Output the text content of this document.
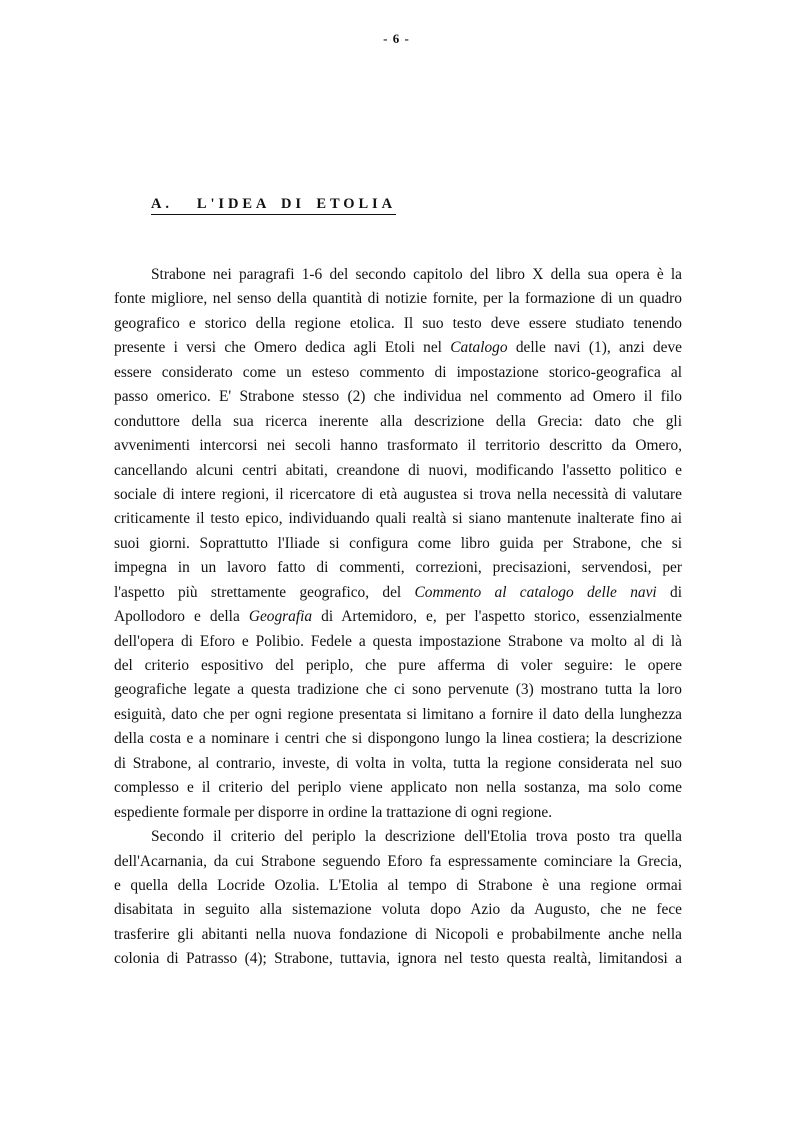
- 6 -
A. L'IDEA DI ETOLIA

Strabone nei paragrafi 1-6 del secondo capitolo del libro X della sua opera è la
fonte migliore, nel senso della quantità di notizie fornite, per la formazione di un quadro
geografico e storico della regione etolica. Il suo testo deve essere studiato tenendo
presente i versi che Omero dedica agli Etoli nel Catalogo delle navi (1), anzi deve
essere considerato come un esteso commento di impostazione storico-geografica al
passo omerico. E' Strabone stesso (2) che individua nel commento ad Omero il filo
conduttore della sua ricerca inerente alla descrizione della Grecia: dato che gli
avvenimenti intercorsi nei secoli hanno trasformato il territorio descritto da Omero,
cancellando alcuni centri abitati, creandone di nuovi, modificando l'assetto politico e
sociale di intere regioni, il ricercatore di età augustea si trova nella necessità di valutare
criticamente il testo epico, individuando quali realtà si siano mantenute inalterate fino ai
suoi giorni. Soprattutto l'Iliade si configura come libro guida per Strabone, che si
impegna in un lavoro fatto di commenti, correzioni, precisazioni, servendosi, per
l'aspetto più strettamente geografico, del Commento al catalogo delle navi di
Apollodoro e della Geografia di Artemidoro, e, per l'aspetto storico, essenzialmente
dell'opera di Eforo e Polibio. Fedele a questa impostazione Strabone va molto al di là
del criterio espositivo del periplo, che pure afferma di voler seguire: le opere
geografiche legate a questa tradizione che ci sono pervenute (3) mostrano tutta la loro
esiguità, dato che per ogni regione presentata si limitano a fornire il dato della lunghezza
della costa e a nominare i centri che si dispongono lungo la linea costiera; la descrizione
di Strabone, al contrario, investe, di volta in volta, tutta la regione considerata nel suo
complesso e il criterio del periplo viene applicato non nella sostanza, ma solo come
espediente formale per disporre in ordine la trattazione di ogni regione.

Secondo il criterio del periplo la descrizione dell'Etolia trova posto tra quella
dell'Acarnania, da cui Strabone seguendo Eforo fa espressamente cominciare la Grecia,
e quella della Locride Ozolia. L'Etolia al tempo di Strabone è una regione ormai
disabitata in seguito alla sistemazione voluta dopo Azio da Augusto, che ne fece
trasferire gli abitanti nella nuova fondazione di Nicopoli e probabilmente anche nella
colonia di Patrasso (4); Strabone, tuttavia, ignora nel testo questa realtà, limitandosi a
